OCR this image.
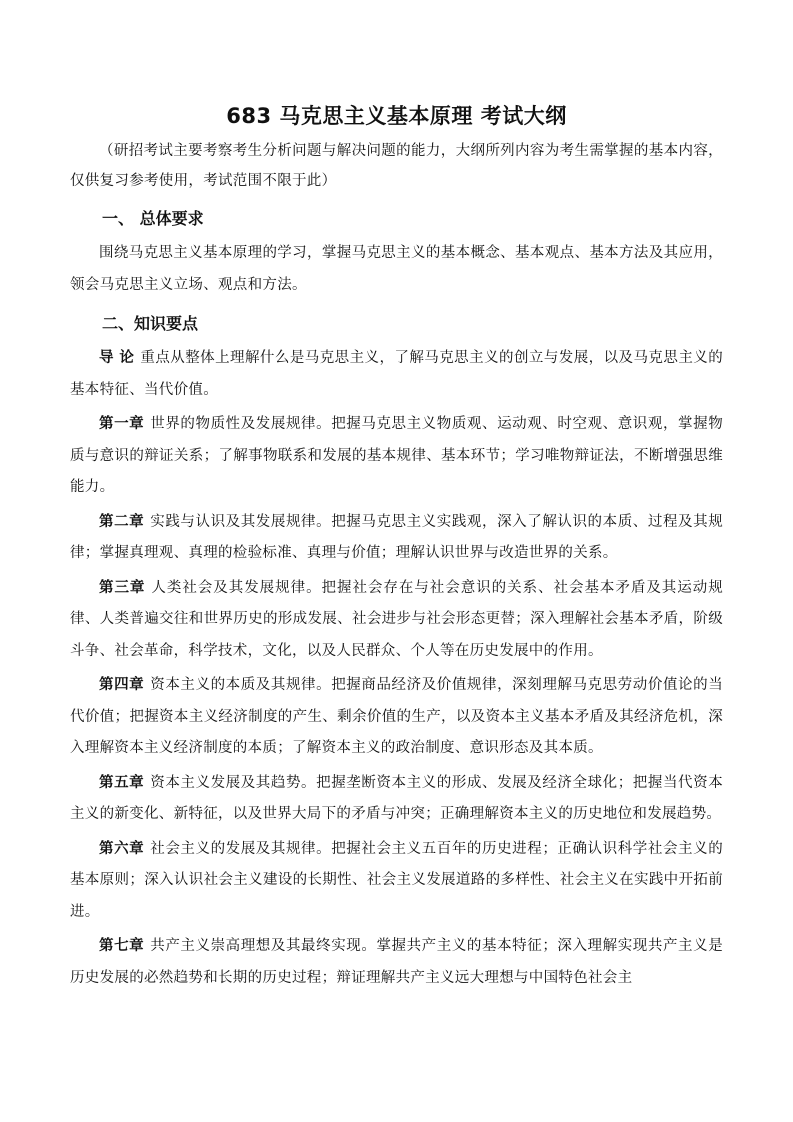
683 马克思主义基本原理 考试大纲

（研招考试主要考察考生分析问题与解决问题的能力，大纲所列内容为考生需掌握的基本内容，仅供复习参考使用，考试范围不限于此）

一、 总体要求

围绕马克思主义基本原理的学习，掌握马克思主义的基本概念、基本观点、基本方法及其应用，领会马克思主义立场、观点和方法。

二、知识要点

导 论 重点从整体上理解什么是马克思主义，了解马克思主义的创立与发展，以及马克思主义的基本特征、当代价值。

第一章 世界的物质性及发展规律。把握马克思主义物质观、运动观、时空观、意识观，掌握物质与意识的辩证关系；了解事物联系和发展的基本规律、基本环节；学习唯物辩证法，不断增强思维能力。

第二章 实践与认识及其发展规律。把握马克思主义实践观，深入了解认识的本质、过程及其规律；掌握真理观、真理的检验标准、真理与价值；理解认识世界与改造世界的关系。

第三章 人类社会及其发展规律。把握社会存在与社会意识的关系、社会基本矛盾及其运动规律、人类普遍交往和世界历史的形成发展、社会进步与社会形态更替；深入理解社会基本矛盾，阶级斗争、社会革命，科学技术，文化，以及人民群众、个人等在历史发展中的作用。

第四章 资本主义的本质及其规律。把握商品经济及价值规律，深刻理解马克思劳动价值论的当代价值；把握资本主义经济制度的产生、剩余价值的生产，以及资本主义基本矛盾及其经济危机，深入理解资本主义经济制度的本质；了解资本主义的政治制度、意识形态及其本质。

第五章 资本主义发展及其趋势。把握垄断资本主义的形成、发展及经济全球化；把握当代资本主义的新变化、新特征，以及世界大局下的矛盾与冲突；正确理解资本主义的历史地位和发展趋势。

第六章 社会主义的发展及其规律。把握社会主义五百年的历史进程；正确认识科学社会主义的基本原则；深入认识社会主义建设的长期性、社会主义发展道路的多样性、社会主义在实践中开拓前进。

第七章 共产主义崇高理想及其最终实现。掌握共产主义的基本特征；深入理解实现共产主义是历史发展的必然趋势和长期的历史过程；辩证理解共产主义远大理想与中国特色社会主
